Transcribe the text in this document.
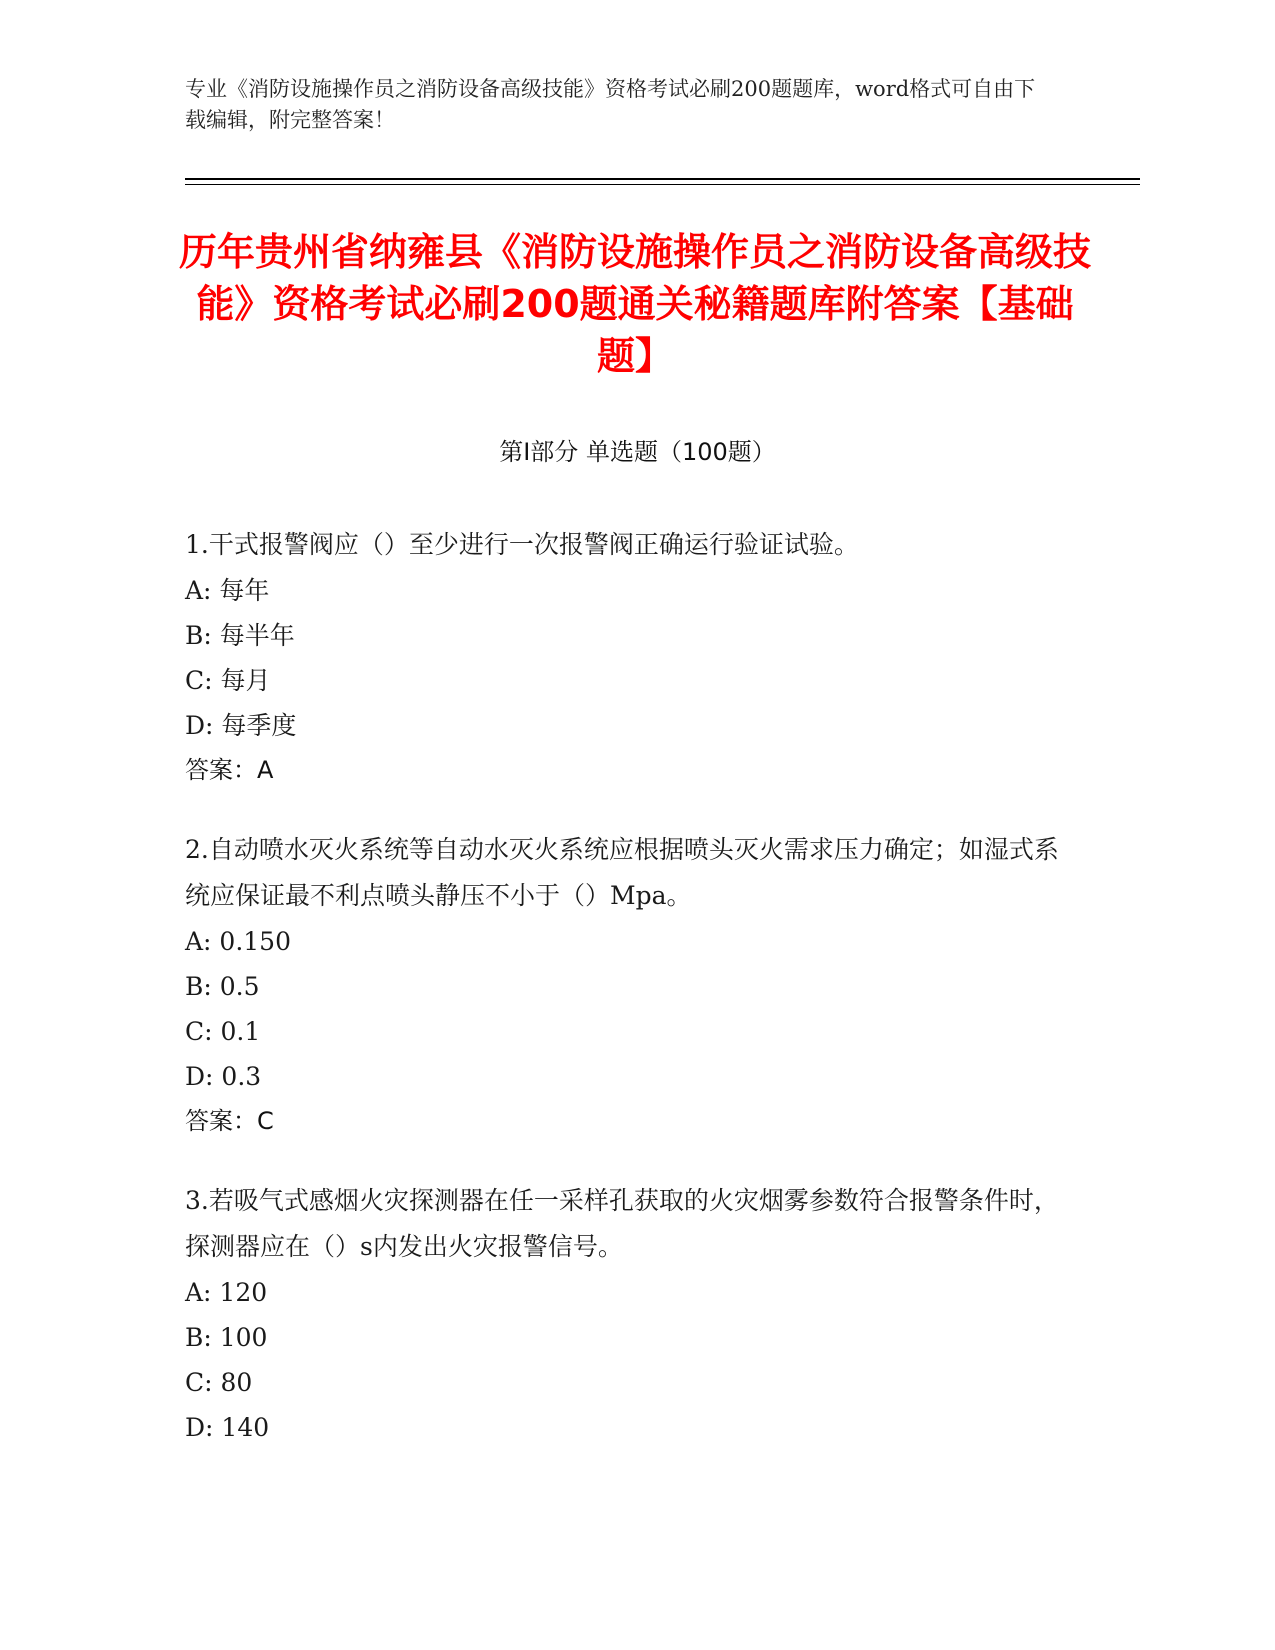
专业《消防设施操作员之消防设备高级技能》资格考试必刷200题题库，word格式可自由下载编辑，附完整答案！
历年贵州省纳雍县《消防设施操作员之消防设备高级技能》资格考试必刷200题通关秘籍题库附答案【基础题】
第Ⅰ部分 单选题（100题）
1.干式报警阀应（）至少进行一次报警阀正确运行验证试验。
A: 每年
B: 每半年
C: 每月
D: 每季度
答案：A
2.自动喷水灭火系统等自动水灭火系统应根据喷头灭火需求压力确定；如湿式系统应保证最不利点喷头静压不小于（）Mpa。
A: 0.150
B: 0.5
C: 0.1
D: 0.3
答案：C
3.若吸气式感烟火灾探测器在任一采样孔获取的火灾烟雾参数符合报警条件时，探测器应在（）s内发出火灾报警信号。
A: 120
B: 100
C: 80
D: 140
